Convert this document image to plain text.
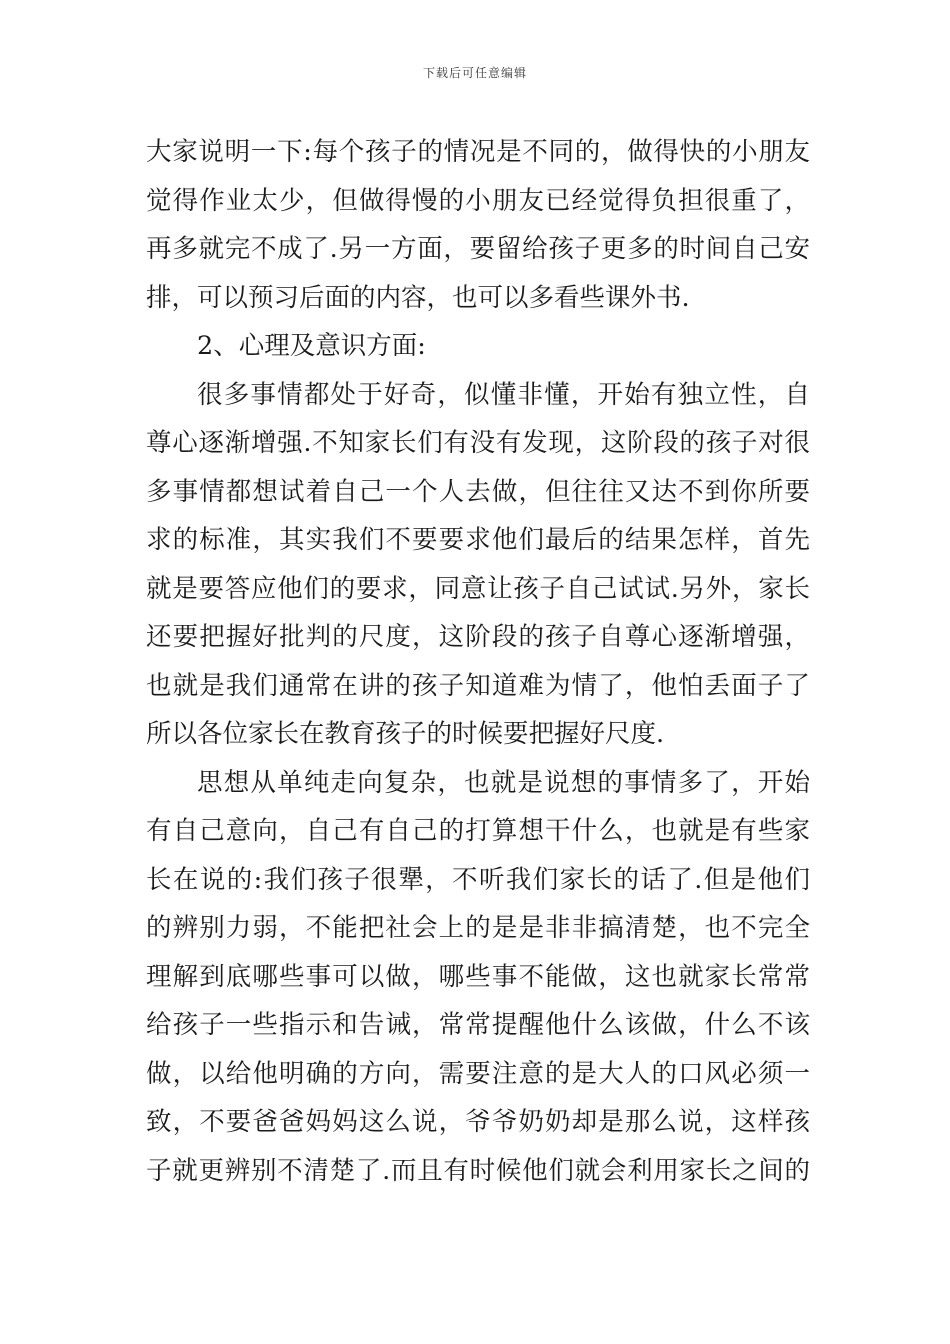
下载后可任意编辑
大家说明一下:每个孩子的情况是不同的，做得快的小朋友
觉得作业太少，但做得慢的小朋友已经觉得负担很重了，
再多就完不成了.另一方面，要留给孩子更多的时间自己安
排，可以预习后面的内容，也可以多看些课外书.
2、心理及意识方面:
很多事情都处于好奇，似懂非懂，开始有独立性，自
尊心逐渐增强.不知家长们有没有发现，这阶段的孩子对很
多事情都想试着自己一个人去做，但往往又达不到你所要
求的标准，其实我们不要要求他们最后的结果怎样，首先
就是要答应他们的要求，同意让孩子自己试试.另外，家长
还要把握好批判的尺度，这阶段的孩子自尊心逐渐增强，
也就是我们通常在讲的孩子知道难为情了，他怕丢面子了
所以各位家长在教育孩子的时候要把握好尺度.
思想从单纯走向复杂，也就是说想的事情多了，开始
有自己意向，自己有自己的打算想干什么，也就是有些家
长在说的:我们孩子很犟，不听我们家长的话了.但是他们
的辨别力弱，不能把社会上的是是非非搞清楚，也不完全
理解到底哪些事可以做，哪些事不能做，这也就家长常常
给孩子一些指示和告诫，常常提醒他什么该做，什么不该
做，以给他明确的方向，需要注意的是大人的口风必须一
致，不要爸爸妈妈这么说，爷爷奶奶却是那么说，这样孩
子就更辨别不清楚了.而且有时候他们就会利用家长之间的
